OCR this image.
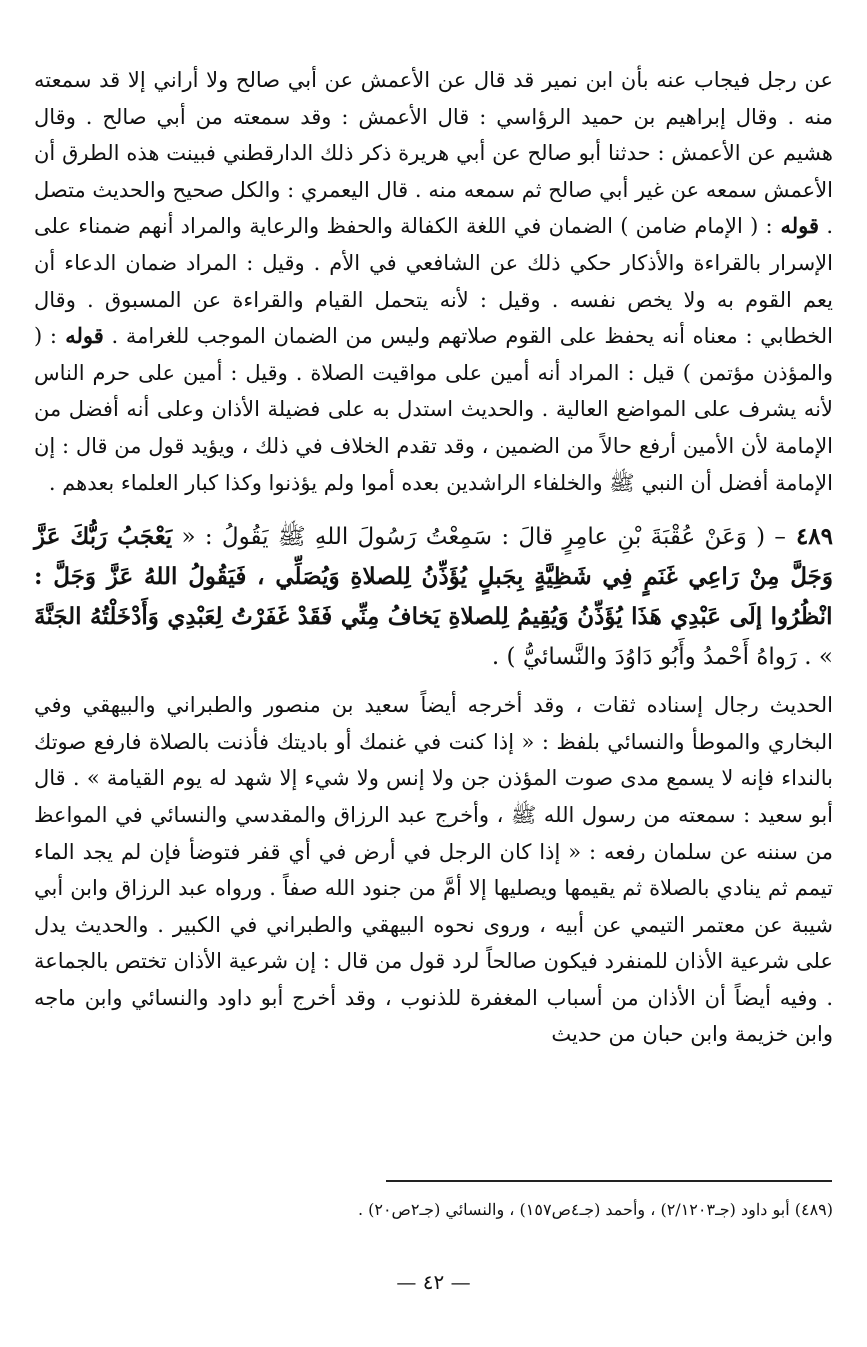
عن رجل فيجاب عنه بأن ابن نمير قد قال عن الأعمش عن أبي صالح ولا أراني إلا قد سمعته منه . وقال إبراهيم بن حميد الرؤاسي : قال الأعمش : وقد سمعته من أبي صالح . وقال هشيم عن الأعمش : حدثنا أبو صالح عن أبي هريرة ذكر ذلك الدارقطني فبينت هذه الطرق أن الأعمش سمعه عن غير أبي صالح ثم سمعه منه . قال اليعمري : والكل صحيح والحديث متصل . قوله : ( الإمام ضامن ) الضمان في اللغة الكفالة والحفظ والرعاية والمراد أنهم ضمناء على الإسرار بالقراءة والأذكار حكي ذلك عن الشافعي في الأم . وقيل : المراد ضمان الدعاء أن يعم القوم به ولا يخص نفسه . وقيل : لأنه يتحمل القيام والقراءة عن المسبوق . وقال الخطابي : معناه أنه يحفظ على القوم صلاتهم وليس من الضمان الموجب للغرامة . قوله : ( والمؤذن مؤتمن ) قيل : المراد أنه أمين على مواقيت الصلاة . وقيل : أمين على حرم الناس لأنه يشرف على المواضع العالية . والحديث استدل به على فضيلة الأذان وعلى أنه أفضل من الإمامة لأن الأمين أرفع حالاً من الضمين ، وقد تقدم الخلاف في ذلك ، ويؤيد قول من قال : إن الإمامة أفضل أن النبي ﷺ والخلفاء الراشدين بعده أموا ولم يؤذنوا وكذا كبار العلماء بعدهم .

٤٨٩ – ( وَعَنْ عُقْبَةَ بْنِ عامِرٍ قالَ : سَمِعْتُ رَسُولَ اللهِ ﷺ يَقُولُ : « يَعْجَبُ رَبُّكَ عَزَّ وَجَلَّ مِنْ رَاعِي غَنَمٍ فِي شَظِيَّةٍ بِجَبلٍ يُؤَذِّنُ لِلصلاةِ وَيُصَلِّي ، فَيَقُولُ اللهُ عَزَّ وَجَلَّ : انْظُرُوا إلَى عَبْدِي هَذَا يُؤَذِّنُ وَيُقِيمُ لِلصلاةِ يَخافُ مِنِّي فَقَدْ غَفَرْتُ لِعَبْدِي وَأَدْخَلْتُهُ الجَنَّةَ » . رَواهُ أَحْمدُ وأَبُو دَاوُدَ والنَّسائيُّ ) .

الحديث رجال إسناده ثقات ، وقد أخرجه أيضاً سعيد بن منصور والطبراني والبيهقي وفي البخاري والموطأ والنسائي بلفظ : « إذا كنت في غنمك أو باديتك فأذنت بالصلاة فارفع صوتك بالنداء فإنه لا يسمع مدى صوت المؤذن جن ولا إنس ولا شيء إلا شهد له يوم القيامة » . قال أبو سعيد : سمعته من رسول الله ﷺ ، وأخرج عبد الرزاق والمقدسي والنسائي في المواعظ من سننه عن سلمان رفعه : « إذا كان الرجل في أرض في أي قفر فتوضأ فإن لم يجد الماء تيمم ثم ينادي بالصلاة ثم يقيمها ويصليها إلا أمَّ من جنود الله صفاً . ورواه عبد الرزاق وابن أبي شيبة عن معتمر التيمي عن أبيه ، وروى نحوه البيهقي والطبراني في الكبير . والحديث يدل على شرعية الأذان للمنفرد فيكون صالحاً لرد قول من قال : إن شرعية الأذان تختص بالجماعة . وفيه أيضاً أن الأذان من أسباب المغفرة للذنوب ، وقد أخرج أبو داود والنسائي وابن ماجه وابن خزيمة وابن حبان من حديث

(٤٨٩) أبو داود (جـ٢/١٢٠٣) ، وأحمد (جـ٤ص١٥٧) ، والنسائي (جـ٢ص٢٠) .
— ٤٢ —
